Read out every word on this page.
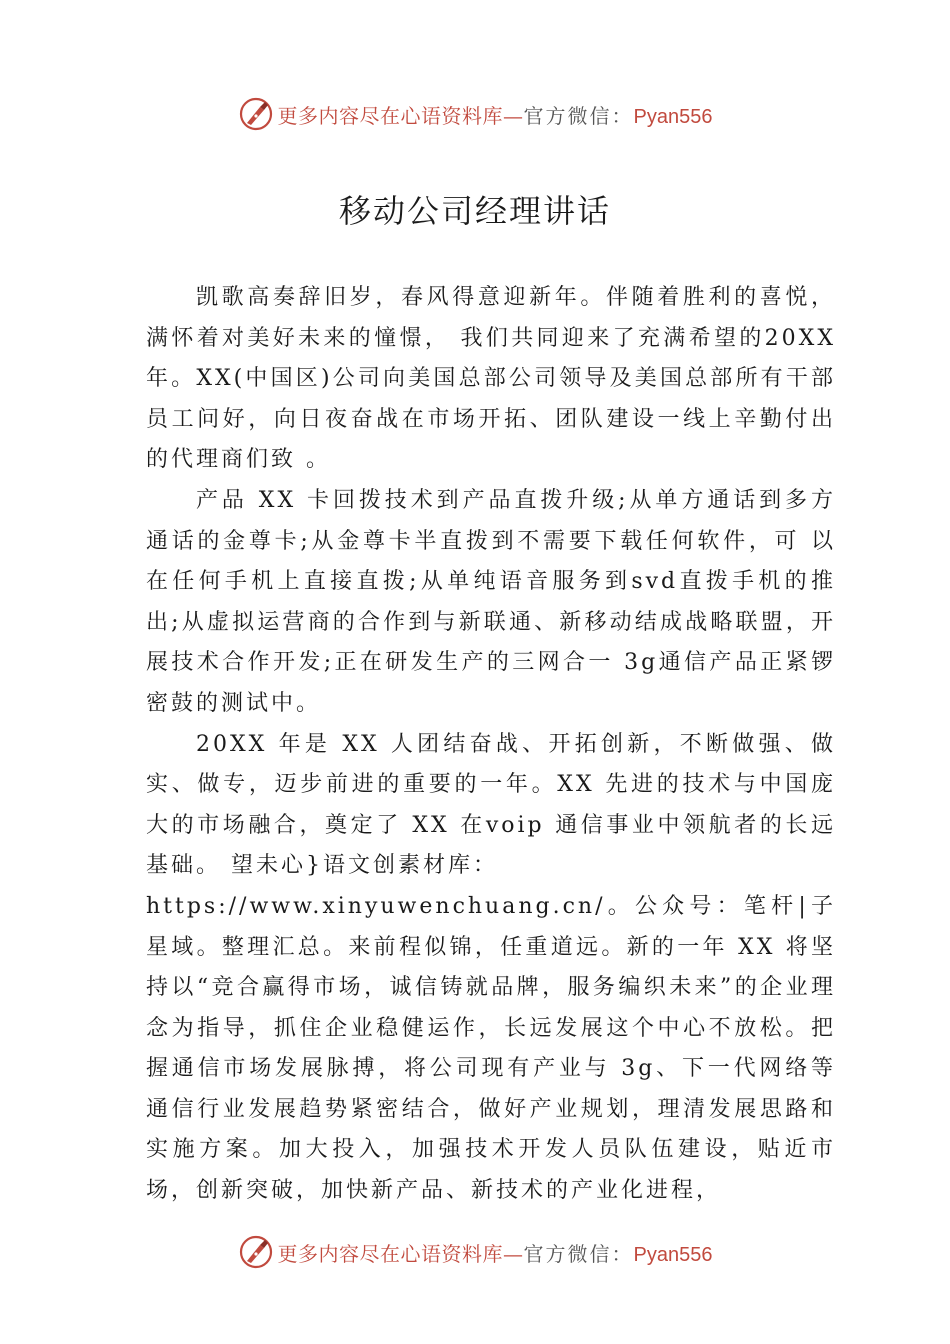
更多内容尽在心语资料库—官方微信：Pyan556
移动公司经理讲话

凯歌高奏辞旧岁，春风得意迎新年。伴随着胜利的喜悦，满怀着对美好未来的憧憬， 我们共同迎来了充满希望的20XX年。XX(中国区)公司向美国总部公司领导及美国总部所有干部员工问好，向日夜奋战在市场开拓、团队建设一线上辛勤付出的代理商们致 。

产品 XX 卡回拨技术到产品直拨升级;从单方通话到多方通话的金尊卡;从金尊卡半直拨到不需要下载任何软件，可 以在任何手机上直接直拨;从单纯语音服务到svd直拨手机的推出;从虚拟运营商的合作到与新联通、新移动结成战略联盟，开展技术合作开发;正在研发生产的三网合一 3g通信产品正紧锣密鼓的测试中。

20XX 年是 XX 人团结奋战、开拓创新，不断做强、做实、做专，迈步前进的重要的一年。XX 先进的技术与中国庞大的市场融合，奠定了 XX 在voip 通信事业中领航者的长远基础。 望未心}语文创素材库：

https://www.xinyuwenchuang.cn/。公众号：笔杆|子星域。整理汇总。来前程似锦，任重道远。新的一年 XX 将坚持以“竞合赢得市场，诚信铸就品牌，服务编织未来”的企业理念为指导，抓住企业稳健运作，长远发展这个中心不放松。把握通信市场发展脉搏，将公司现有产业与 3g、下一代网络等通信行业发展趋势紧密结合，做好产业规划，理清发展思路和实施方案。加大投入，加强技术开发人员队伍建设，贴近市场，创新突破，加快新产品、新技术的产业化进程，

更多内容尽在心语资料库—官方微信：Pyan556
